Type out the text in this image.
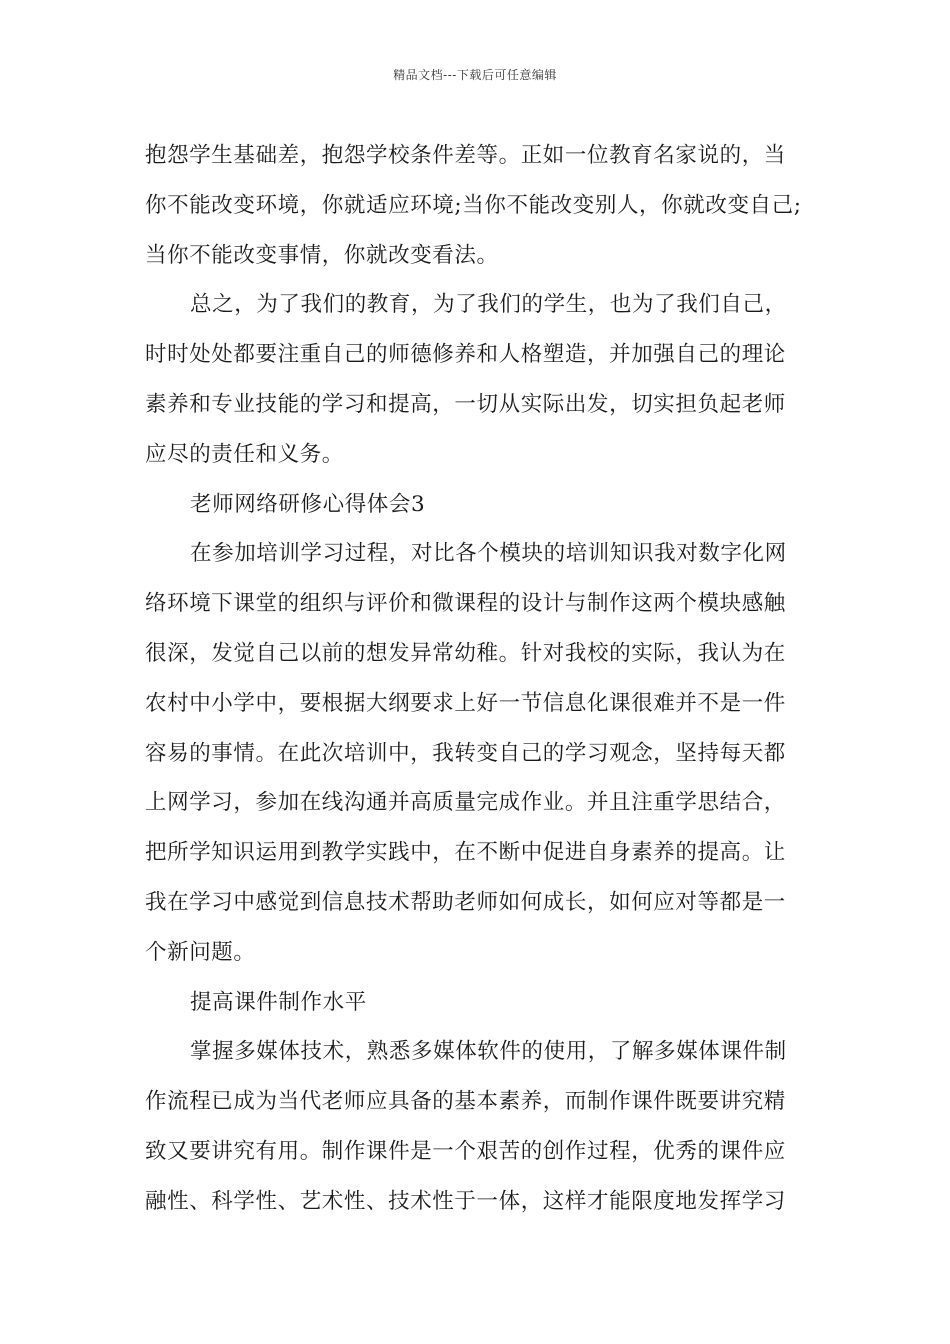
精品文档---下载后可任意编辑
抱怨学生基础差，抱怨学校条件差等。正如一位教育名家说的，当
你不能改变环境，你就适应环境;当你不能改变别人，你就改变自己;
当你不能改变事情，你就改变看法。
总之，为了我们的教育，为了我们的学生，也为了我们自己，
时时处处都要注重自己的师德修养和人格塑造，并加强自己的理论
素养和专业技能的学习和提高，一切从实际出发，切实担负起老师
应尽的责任和义务。
老师网络研修心得体会3
在参加培训学习过程，对比各个模块的培训知识我对数字化网
络环境下课堂的组织与评价和微课程的设计与制作这两个模块感触
很深，发觉自己以前的想发异常幼稚。针对我校的实际，我认为在
农村中小学中，要根据大纲要求上好一节信息化课很难并不是一件
容易的事情。在此次培训中，我转变自己的学习观念，坚持每天都
上网学习，参加在线沟通并高质量完成作业。并且注重学思结合，
把所学知识运用到教学实践中，在不断中促进自身素养的提高。让
我在学习中感觉到信息技术帮助老师如何成长，如何应对等都是一
个新问题。
提高课件制作水平
掌握多媒体技术，熟悉多媒体软件的使用，了解多媒体课件制
作流程已成为当代老师应具备的基本素养，而制作课件既要讲究精
致又要讲究有用。制作课件是一个艰苦的创作过程，优秀的课件应
融性、科学性、艺术性、技术性于一体，这样才能限度地发挥学习
